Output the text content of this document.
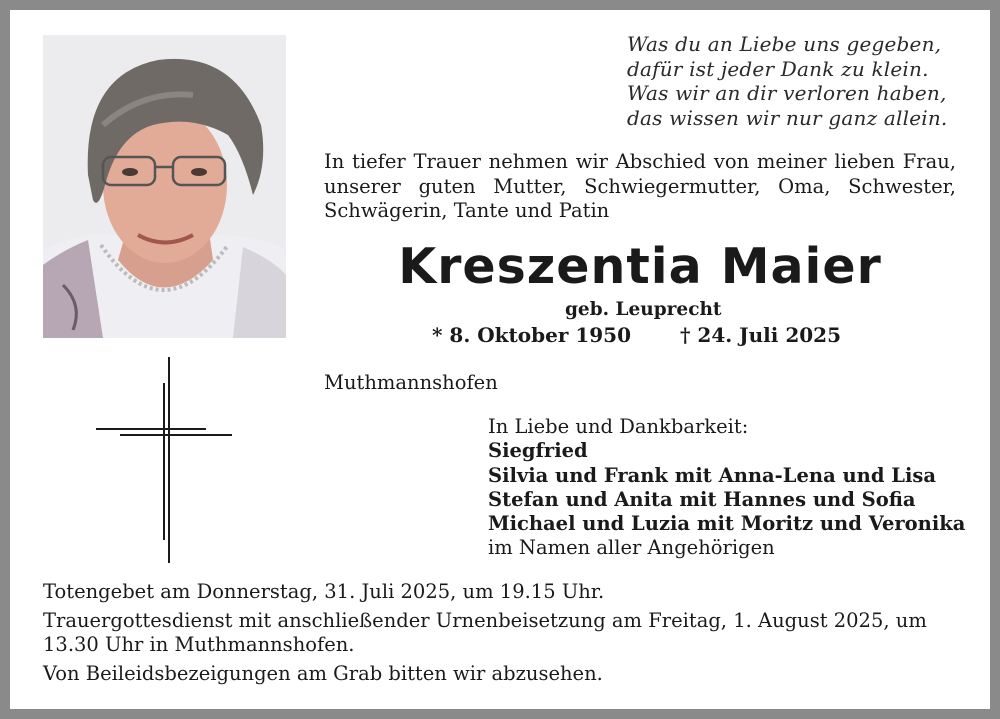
Was du an Liebe uns gegeben,
dafür ist jeder Dank zu klein.
Was wir an dir verloren haben,
das wissen wir nur ganz allein.
In tiefer Trauer nehmen wir Abschied von meiner lieben Frau,
unserer guten Mutter, Schwiegermutter, Oma, Schwester,
Schwägerin, Tante und Patin
Kreszentia Maier
geb. Leuprecht
* 8. Oktober 1950 † 24. Juli 2025
Muthmannshofen
In Liebe und Dankbarkeit:
Siegfried
Silvia und Frank mit Anna-Lena und Lisa
Stefan und Anita mit Hannes und Sofia
Michael und Luzia mit Moritz und Veronika
im Namen aller Angehörigen
Totengebet am Donnerstag, 31. Juli 2025, um 19.15 Uhr.
Trauergottesdienst mit anschließender Urnenbeisetzung am Freitag, 1. August 2025, um 13.30 Uhr in Muthmannshofen.
Von Beileidsbezeigungen am Grab bitten wir abzusehen.
